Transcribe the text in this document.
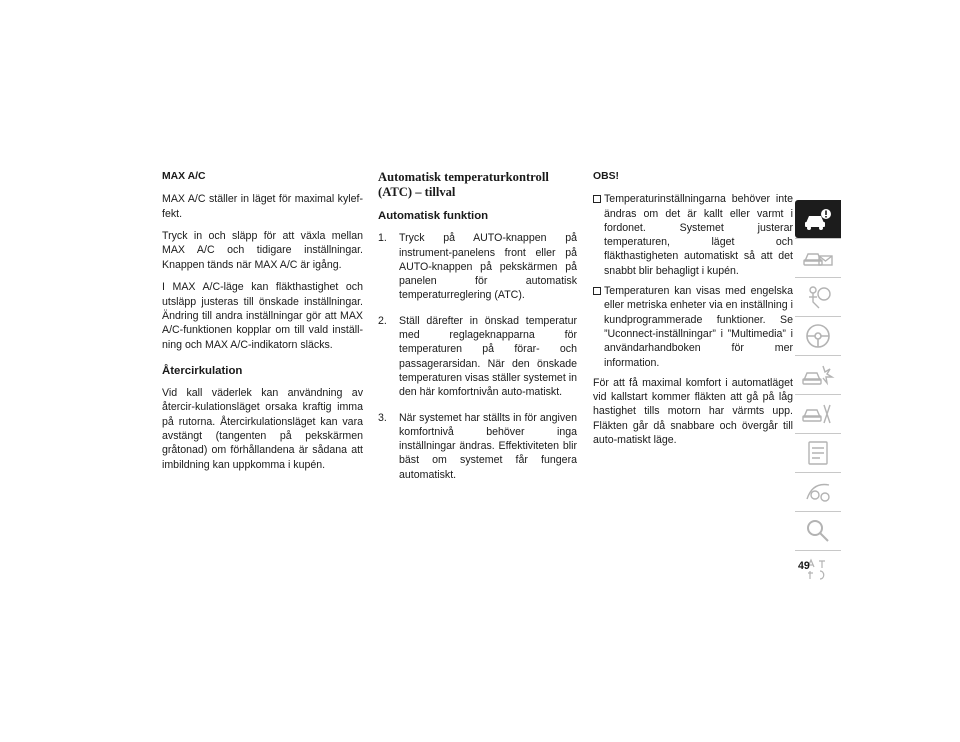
MAX A/C

MAX A/C ställer in läget för maximal kylef-fekt.

Tryck in och släpp för att växla mellan MAX A/C och tidigare inställningar. Knappen tänds när MAX A/C är igång.

I MAX A/C-läge kan fläkthastighet och utsläpp justeras till önskade inställningar. Ändring till andra inställningar gör att MAX A/C-funktionen kopplar om till vald inställ-ning och MAX A/C-indikatorn släcks.

Återcirkulation

Vid kall väderlek kan användning av återcir-kulationsläget orsaka kraftig imma på rutorna. Återcirkulationsläget kan vara avstängt (tangenten på pekskärmen gråtonad) om förhållandena är sådana att imbildning kan uppkomma i kupén.

Automatisk temperaturkontroll (ATC) – tillval
Automatisk funktion
1. Tryck på AUTO-knappen på instrument-panelens front eller på AUTO-knappen på pekskärmen på panelen för automatisk temperaturreglering (ATC).
2. Ställ därefter in önskad temperatur med reglageknapparna för temperaturen på förar- och passagerarsidan. När den önskade temperaturen visas ställer systemet in den här komfortnivån auto-matiskt.
3. När systemet har ställts in för angiven komfortnivå behöver inga inställningar ändras. Effektiviteten blir bäst om systemet får fungera automatiskt.
OBS!
Temperaturinställningarna behöver inte ändras om det är kallt eller varmt i fordonet. Systemet justerar temperaturen, läget och fläkthastigheten automatiskt så att det snabbt blir behagligt i kupén.
Temperaturen kan visas med engelska eller metriska enheter via en inställning i kundprogrammerade funktioner. Se ”Uconnect-inställningar” i ”Multimedia” i användarhandboken för mer information.

För att få maximal komfort i automatläget vid kallstart kommer fläkten att gå på låg hastighet tills motorn har värmts upp. Fläkten går då snabbare och övergår till auto-matiskt läge.

49
